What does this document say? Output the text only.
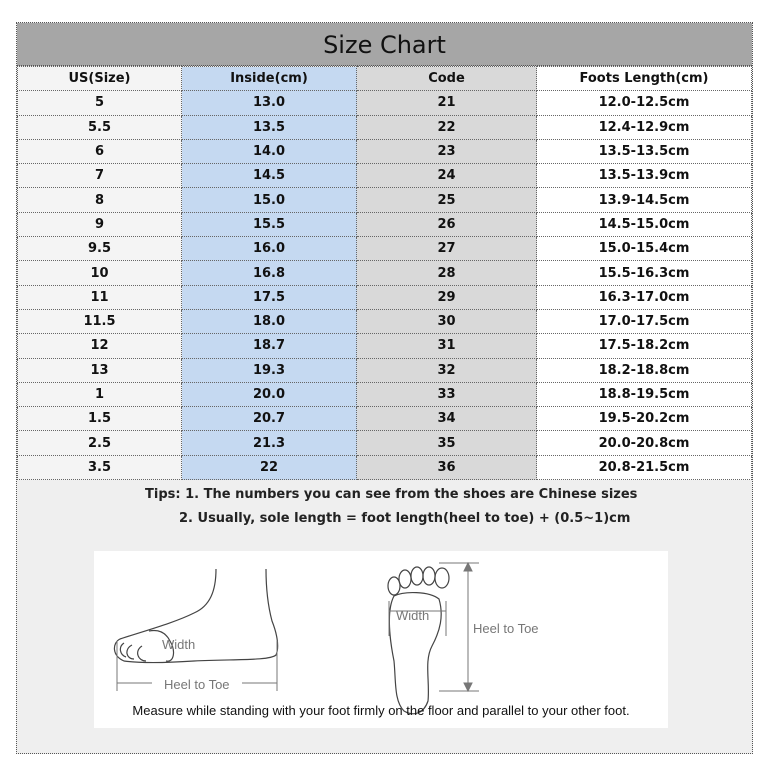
Size Chart
US(Size)	Inside(cm)	Code	Foots Length(cm)
5	13.0	21	12.0-12.5cm
5.5	13.5	22	12.4-12.9cm
6	14.0	23	13.5-13.5cm
7	14.5	24	13.5-13.9cm
8	15.0	25	13.9-14.5cm
9	15.5	26	14.5-15.0cm
9.5	16.0	27	15.0-15.4cm
10	16.8	28	15.5-16.3cm
11	17.5	29	16.3-17.0cm
11.5	18.0	30	17.0-17.5cm
12	18.7	31	17.5-18.2cm
13	19.3	32	18.2-18.8cm
1	20.0	33	18.8-19.5cm
1.5	20.7	34	19.5-20.2cm
2.5	21.3	35	20.0-20.8cm
3.5	22	36	20.8-21.5cm
Tips: 1. The numbers you can see from the shoes are Chinese sizes
2. Usually, sole length = foot length(heel to toe) + (0.5~1)cm
Width
Heel to Toe
Width
Heel to Toe
Measure while standing with your foot firmly on the floor and parallel to your other foot.
